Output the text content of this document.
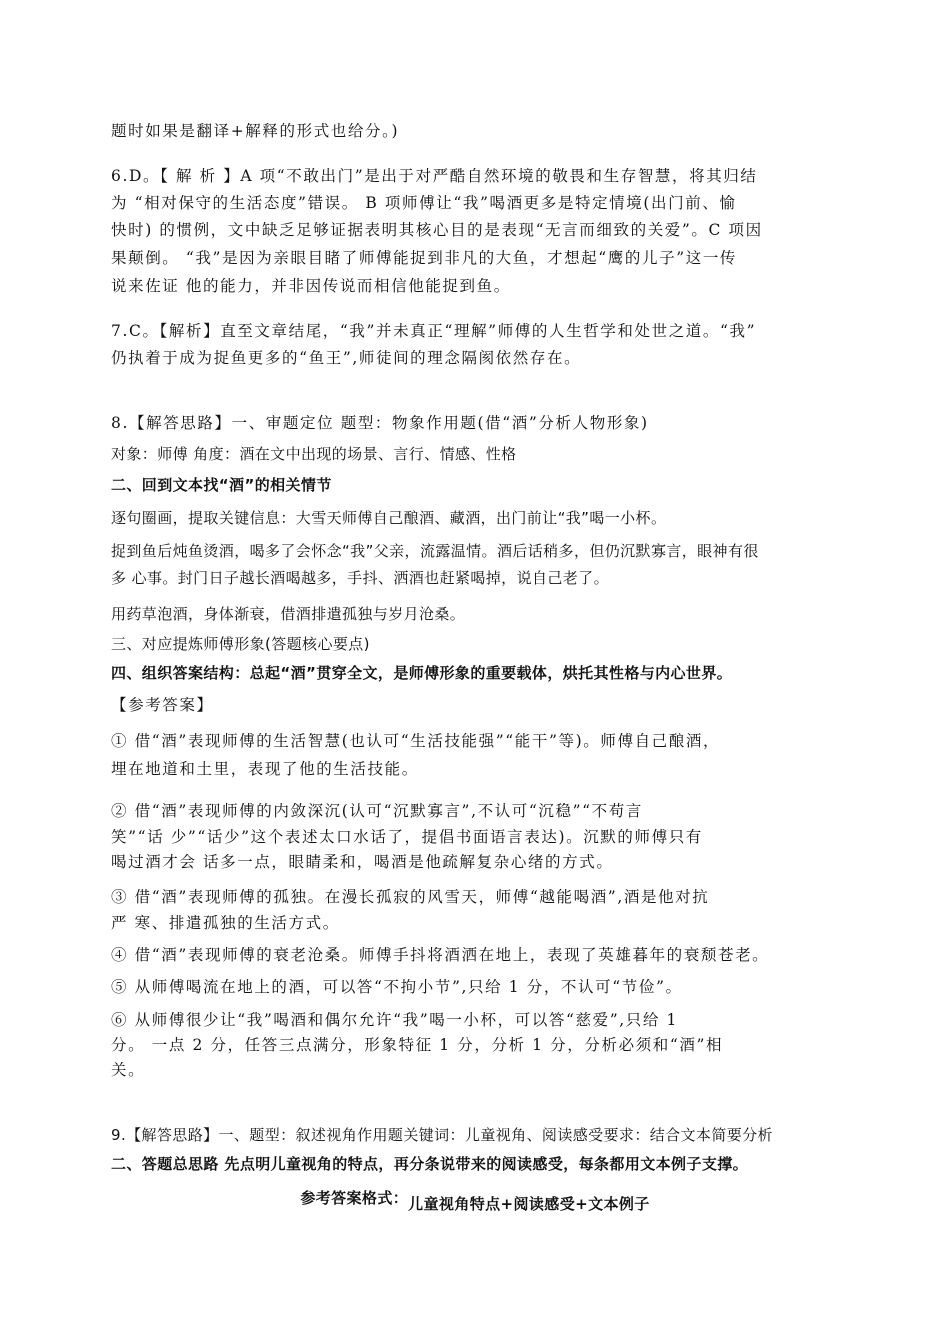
题时如果是翻译+解释的形式也给分。)
6.D。【 解 析 】A 项“不敢出门”是出于对严酷自然环境的敬畏和生存智慧，将其归结
为 “相对保守的生活态度”错误。 B 项师傅让“我”喝酒更多是特定情境(出门前、愉
快时) 的惯例，文中缺乏足够证据表明其核心目的是表现“无言而细致的关爱”。C 项因
果颠倒。 “我”是因为亲眼目睹了师傅能捉到非凡的大鱼，才想起“鹰的儿子”这一传
说来佐证 他的能力，并非因传说而相信他能捉到鱼。
7.C。【解析】直至文章结尾，“我”并未真正“理解”师傅的人生哲学和处世之道。“我”
仍执着于成为捉鱼更多的“鱼王”,师徒间的理念隔阂依然存在。
8.【解答思路】一、审题定位 题型：物象作用题(借“酒”分析人物形象)
对象：师傅 角度：酒在文中出现的场景、言行、情感、性格
二、回到文本找“酒”的相关情节
逐句圈画，提取关键信息：大雪天师傅自己酿酒、藏酒，出门前让“我”喝一小杯。
捉到鱼后炖鱼烫酒，喝多了会怀念“我”父亲，流露温情。酒后话稍多，但仍沉默寡言，眼神有很
多 心事。封门日子越长酒喝越多，手抖、洒酒也赶紧喝掉，说自己老了。
用药草泡酒，身体渐衰，借酒排遣孤独与岁月沧桑。
三、对应提炼师傅形象(答题核心要点)
四、组织答案结构：总起“酒”贯穿全文，是师傅形象的重要载体，烘托其性格与内心世界。
【参考答案】
① 借“酒”表现师傅的生活智慧(也认可“生活技能强”“能干”等)。师傅自己酿酒，
埋在地道和土里，表现了他的生活技能。
② 借“酒”表现师傅的内敛深沉(认可“沉默寡言”,不认可“沉稳”“不苟言
笑”“话 少”“话少”这个表述太口水话了，提倡书面语言表达)。沉默的师傅只有
喝过酒才会 话多一点，眼睛柔和，喝酒是他疏解复杂心绪的方式。
③ 借“酒”表现师傅的孤独。在漫长孤寂的风雪天，师傅“越能喝酒”,酒是他对抗
严 寒、排遣孤独的生活方式。
④ 借“酒”表现师傅的衰老沧桑。师傅手抖将酒洒在地上，表现了英雄暮年的衰颓苍老。
⑤ 从师傅喝流在地上的酒，可以答“不拘小节”,只给 1 分，不认可“节俭”。
⑥ 从师傅很少让“我”喝酒和偶尔允许“我”喝一小杯，可以答“慈爱”,只给 1
分。 一点 2 分，任答三点满分，形象特征 1 分，分析 1 分，分析必须和“酒”相
关。
9.【解答思路】一、题型：叙述视角作用题关键词：儿童视角、阅读感受要求：结合文本简要分析
二、答题总思路 先点明儿童视角的特点，再分条说带来的阅读感受，每条都用文本例子支撑。
参考答案格式：儿童视角特点+阅读感受+文本例子
